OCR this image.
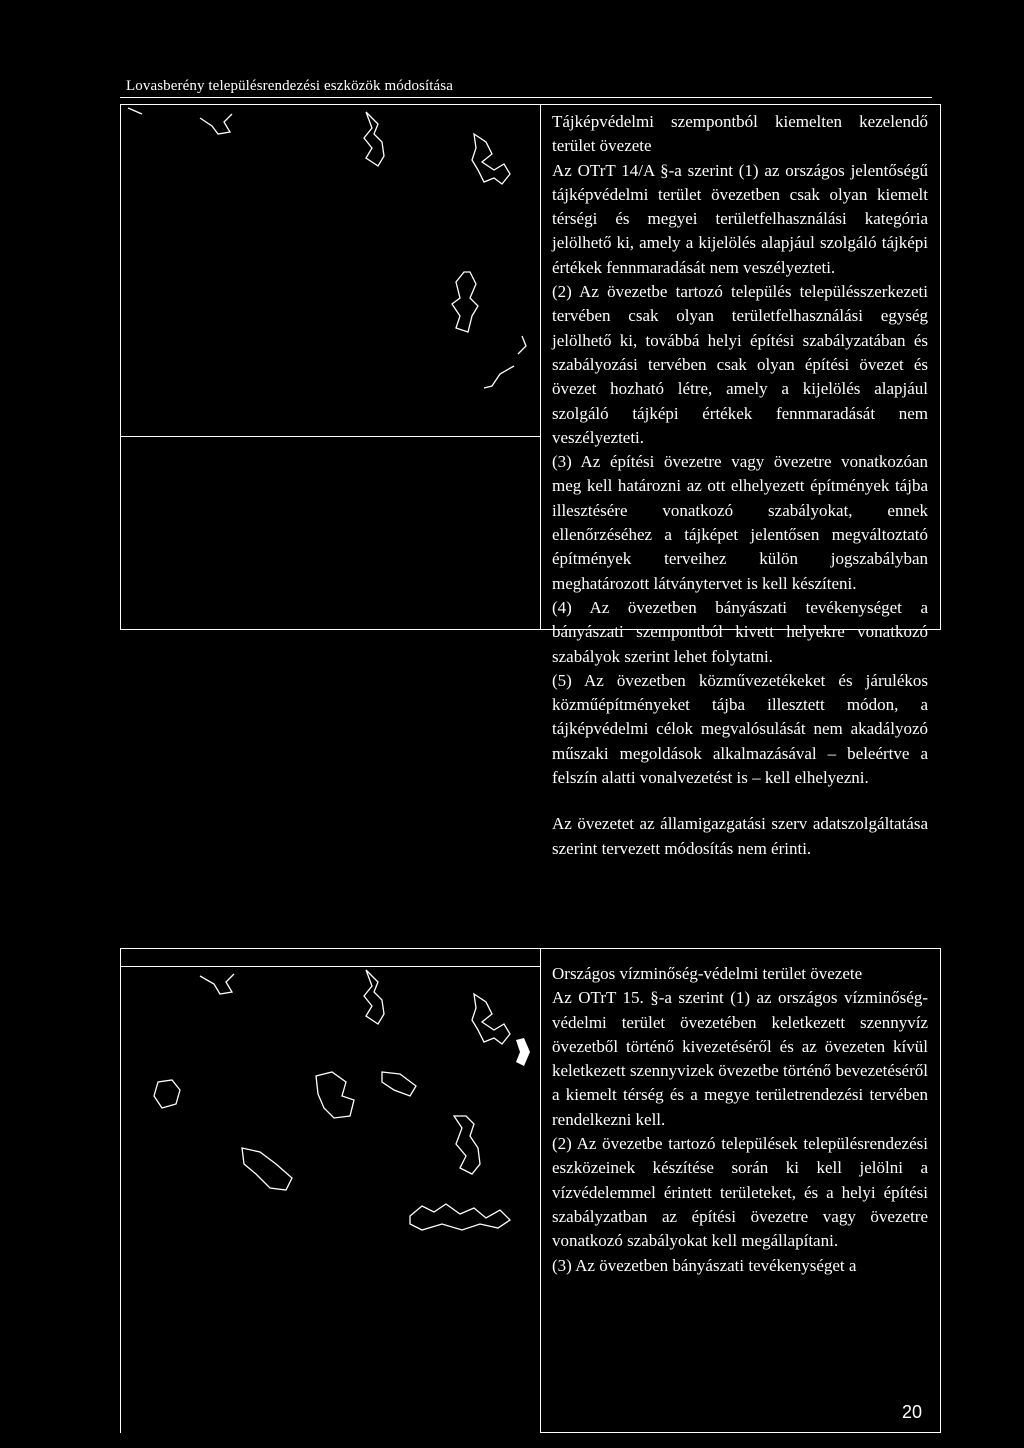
Lovasberény településrendezési eszközök módosítása

Tájképvédelmi szempontból kiemelten kezelendő terület övezete

Az OTrT 14/A §-a szerint (1) az országos jelentőségű tájképvédelmi terület övezetben csak olyan kiemelt térségi és megyei területfelhasználási kategória jelölhető ki, amely a kijelölés alapjául szolgáló tájképi értékek fennmaradását nem veszélyezteti.

(2) Az övezetbe tartozó település településszerkezeti tervében csak olyan területfelhasználási egység jelölhető ki, továbbá helyi építési szabályzatában és szabályozási tervében csak olyan építési övezet és övezet hozható létre, amely a kijelölés alapjául szolgáló tájképi értékek fennmaradását nem veszélyezteti.

(3) Az építési övezetre vagy övezetre vonatkozóan meg kell határozni az ott elhelyezett építmények tájba illesztésére vonatkozó szabályokat, ennek ellenőrzéséhez a tájképet jelentősen megváltoztató építmények terveihez külön jogszabályban meghatározott látványtervet is kell készíteni.

(4) Az övezetben bányászati tevékenységet a bányászati szempontból kivett helyekre vonatkozó szabályok szerint lehet folytatni.

(5) Az övezetben közművezetékeket és járulékos közműépítményeket tájba illesztett módon, a tájképvédelmi célok megvalósulását nem akadályozó műszaki megoldások alkalmazásával – beleértve a felszín alatti vonalvezetést is – kell elhelyezni.

Az övezetet az államigazgatási szerv adatszolgáltatása szerint tervezett módosítás nem érinti.

Országos vízminőség-védelmi terület övezete

Az OTrT 15. §-a szerint (1) az országos vízminőség-védelmi terület övezetében keletkezett szennyvíz övezetből történő kivezetéséről és az övezeten kívül keletkezett szennyvizek övezetbe történő bevezetéséről a kiemelt térség és a megye területrendezési tervében rendelkezni kell.

(2) Az övezetbe tartozó települések településrendezési eszközeinek készítése során ki kell jelölni a vízvédelemmel érintett területeket, és a helyi építési szabályzatban az építési övezetre vagy övezetre vonatkozó szabályokat kell megállapítani.

(3) Az övezetben bányászati tevékenységet a

20
